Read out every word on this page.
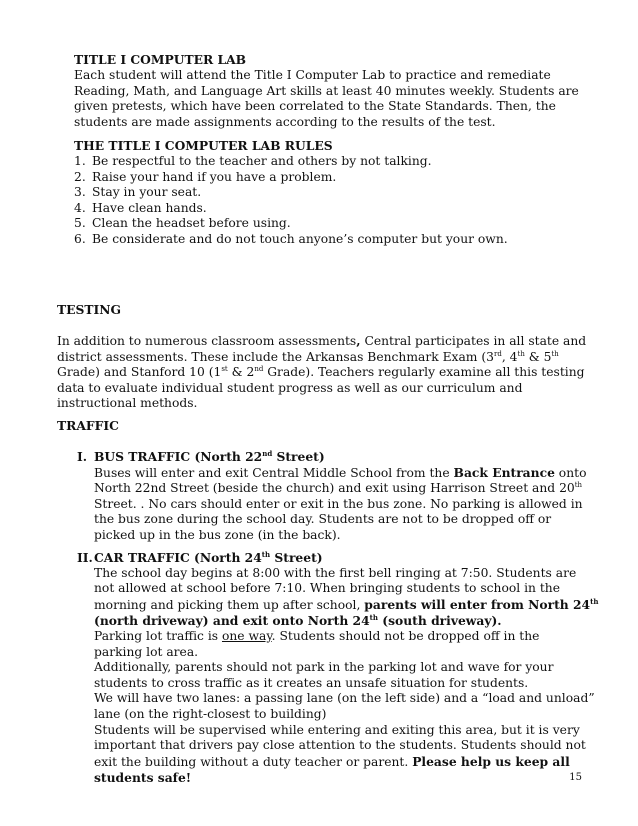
TITLE I COMPUTER LAB
Each student will attend the Title I Computer Lab to practice and remediate
Reading, Math, and Language Art skills at least 40 minutes weekly. Students are
given pretests, which have been correlated to the State Standards. Then, the
students are made assignments according to the results of the test.
THE TITLE I COMPUTER LAB RULES
1. Be respectful to the teacher and others by not talking.
2. Raise your hand if you have a problem.
3. Stay in your seat.
4. Have clean hands.
5. Clean the headset before using.
6. Be considerate and do not touch anyone’s computer but your own.
TESTING
In addition to numerous classroom assessments, Central participates in all state and
district assessments. These include the Arkansas Benchmark Exam (3rd, 4th & 5th
Grade) and Stanford 10 (1st & 2nd Grade). Teachers regularly examine all this testing
data to evaluate individual student progress as well as our curriculum and
instructional methods.
TRAFFIC
I. BUS TRAFFIC (North 22nd Street)
Buses will enter and exit Central Middle School from the Back Entrance onto
North 22nd Street (beside the church) and exit using Harrison Street and 20th
Street. . No cars should enter or exit in the bus zone. No parking is allowed in
the bus zone during the school day. Students are not to be dropped off or
picked up in the bus zone (in the back).
II. CAR TRAFFIC (North 24th Street)
The school day begins at 8:00 with the first bell ringing at 7:50. Students are
not allowed at school before 7:10. When bringing students to school in the
morning and picking them up after school, parents will enter from North 24th
(north driveway) and exit onto North 24th (south driveway).
Parking lot traffic is one way. Students should not be dropped off in the
parking lot area.
Additionally, parents should not park in the parking lot and wave for your
students to cross traffic as it creates an unsafe situation for students.
We will have two lanes: a passing lane (on the left side) and a “load and unload”
lane (on the right-closest to building)
Students will be supervised while entering and exiting this area, but it is very
important that drivers pay close attention to the students. Students should not
exit the building without a duty teacher or parent. Please help us keep all
students safe!	15
